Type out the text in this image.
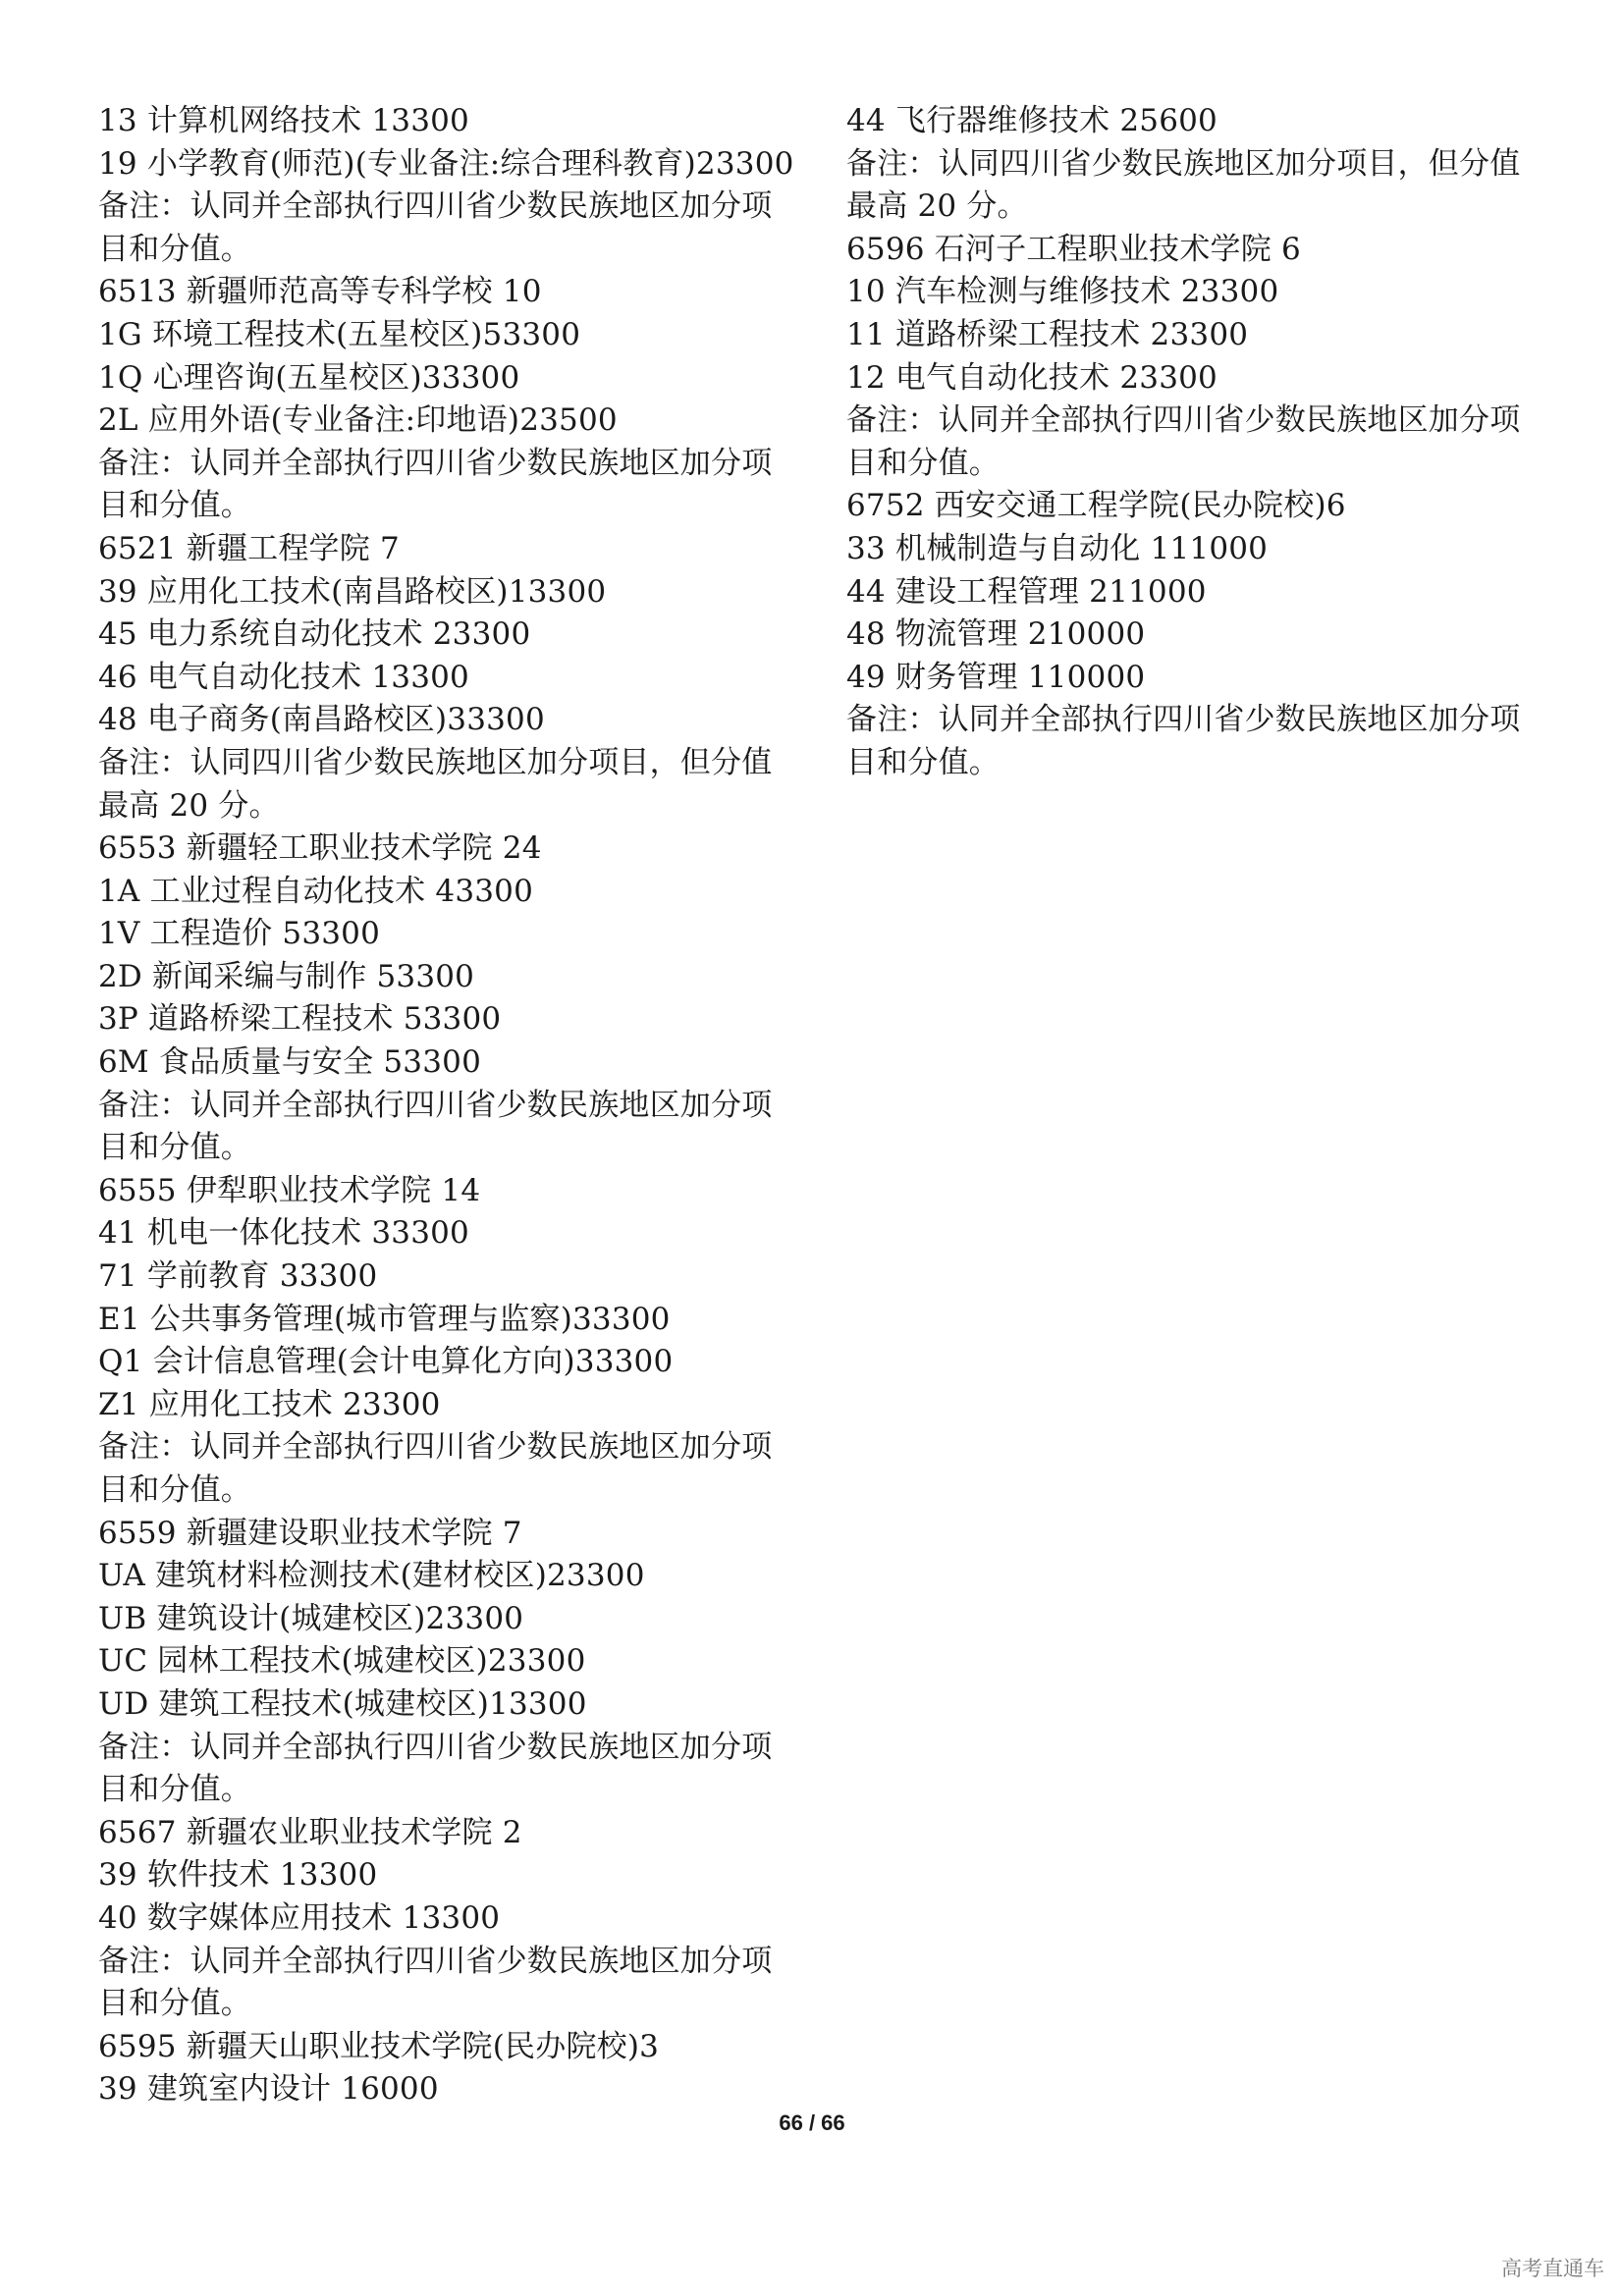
13 计算机网络技术 13300
19 小学教育(师范)(专业备注:综合理科教育)23300
备注：认同并全部执行四川省少数民族地区加分项
目和分值。
6513 新疆师范高等专科学校 10
1G 环境工程技术(五星校区)53300
1Q 心理咨询(五星校区)33300
2L 应用外语(专业备注:印地语)23500
备注：认同并全部执行四川省少数民族地区加分项
目和分值。
6521 新疆工程学院 7
39 应用化工技术(南昌路校区)13300
45 电力系统自动化技术 23300
46 电气自动化技术 13300
48 电子商务(南昌路校区)33300
备注：认同四川省少数民族地区加分项目，但分值
最高 20 分。
6553 新疆轻工职业技术学院 24
1A 工业过程自动化技术 43300
1V 工程造价 53300
2D 新闻采编与制作 53300
3P 道路桥梁工程技术 53300
6M 食品质量与安全 53300
备注：认同并全部执行四川省少数民族地区加分项
目和分值。
6555 伊犁职业技术学院 14
41 机电一体化技术 33300
71 学前教育 33300
E1 公共事务管理(城市管理与监察)33300
Q1 会计信息管理(会计电算化方向)33300
Z1 应用化工技术 23300
备注：认同并全部执行四川省少数民族地区加分项
目和分值。
6559 新疆建设职业技术学院 7
UA 建筑材料检测技术(建材校区)23300
UB 建筑设计(城建校区)23300
UC 园林工程技术(城建校区)23300
UD 建筑工程技术(城建校区)13300
备注：认同并全部执行四川省少数民族地区加分项
目和分值。
6567 新疆农业职业技术学院 2
39 软件技术 13300
40 数字媒体应用技术 13300
备注：认同并全部执行四川省少数民族地区加分项
目和分值。
6595 新疆天山职业技术学院(民办院校)3
39 建筑室内设计 16000
44 飞行器维修技术 25600
备注：认同四川省少数民族地区加分项目，但分值
最高 20 分。
6596 石河子工程职业技术学院 6
10 汽车检测与维修技术 23300
11 道路桥梁工程技术 23300
12 电气自动化技术 23300
备注：认同并全部执行四川省少数民族地区加分项
目和分值。
6752 西安交通工程学院(民办院校)6
33 机械制造与自动化 111000
44 建设工程管理 211000
48 物流管理 210000
49 财务管理 110000
备注：认同并全部执行四川省少数民族地区加分项
目和分值。
66 / 66
高考直通车
